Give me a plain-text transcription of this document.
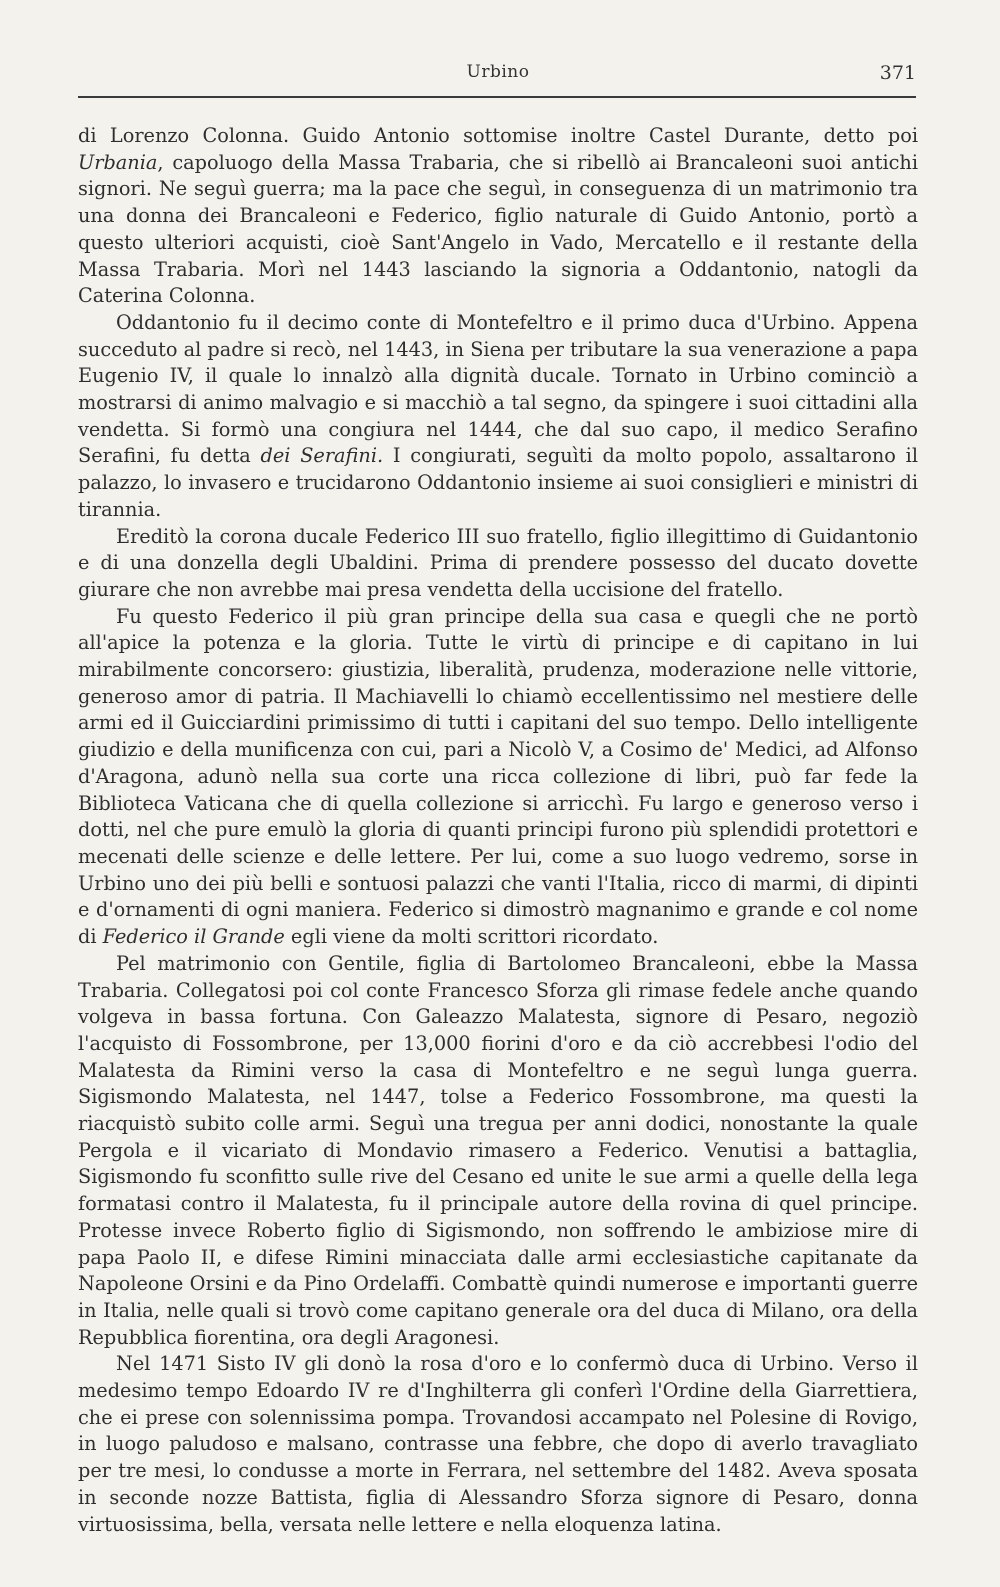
Urbino	371

di Lorenzo Colonna. Guido Antonio sottomise inoltre Castel Durante, detto poi Urbania, capoluogo della Massa Trabaria, che si ribellò ai Brancaleoni suoi antichi signori. Ne seguì guerra; ma la pace che seguì, in conseguenza di un matrimonio tra una donna dei Brancaleoni e Federico, figlio naturale di Guido Antonio, portò a questo ulteriori acquisti, cioè Sant'Angelo in Vado, Mercatello e il restante della Massa Trabaria. Morì nel 1443 lasciando la signoria a Oddantonio, natogli da Caterina Colonna.

Oddantonio fu il decimo conte di Montefeltro e il primo duca d'Urbino. Appena succeduto al padre si recò, nel 1443, in Siena per tributare la sua venerazione a papa Eugenio IV, il quale lo innalzò alla dignità ducale. Tornato in Urbino cominciò a mostrarsi di animo malvagio e si macchiò a tal segno, da spingere i suoi cittadini alla vendetta. Si formò una congiura nel 1444, che dal suo capo, il medico Serafino Serafini, fu detta dei Serafini. I congiurati, seguìti da molto popolo, assaltarono il palazzo, lo invasero e trucidarono Oddantonio insieme ai suoi consiglieri e ministri di tirannia.

Ereditò la corona ducale Federico III suo fratello, figlio illegittimo di Guidantonio e di una donzella degli Ubaldini. Prima di prendere possesso del ducato dovette giurare che non avrebbe mai presa vendetta della uccisione del fratello.

Fu questo Federico il più gran principe della sua casa e quegli che ne portò all'apice la potenza e la gloria. Tutte le virtù di principe e di capitano in lui mirabilmente concorsero: giustizia, liberalità, prudenza, moderazione nelle vittorie, generoso amor di patria. Il Machiavelli lo chiamò eccellentissimo nel mestiere delle armi ed il Guicciardini primissimo di tutti i capitani del suo tempo. Dello intelligente giudizio e della munificenza con cui, pari a Nicolò V, a Cosimo de' Medici, ad Alfonso d'Aragona, adunò nella sua corte una ricca collezione di libri, può far fede la Biblioteca Vaticana che di quella collezione si arricchì. Fu largo e generoso verso i dotti, nel che pure emulò la gloria di quanti principi furono più splendidi protettori e mecenati delle scienze e delle lettere. Per lui, come a suo luogo vedremo, sorse in Urbino uno dei più belli e sontuosi palazzi che vanti l'Italia, ricco di marmi, di dipinti e d'ornamenti di ogni maniera. Federico si dimostrò magnanimo e grande e col nome di Federico il Grande egli viene da molti scrittori ricordato.

Pel matrimonio con Gentile, figlia di Bartolomeo Brancaleoni, ebbe la Massa Trabaria. Collegatosi poi col conte Francesco Sforza gli rimase fedele anche quando volgeva in bassa fortuna. Con Galeazzo Malatesta, signore di Pesaro, negoziò l'acquisto di Fossombrone, per 13,000 fiorini d'oro e da ciò accrebbesi l'odio del Malatesta da Rimini verso la casa di Montefeltro e ne seguì lunga guerra. Sigismondo Malatesta, nel 1447, tolse a Federico Fossombrone, ma questi la riacquistò subito colle armi. Seguì una tregua per anni dodici, nonostante la quale Pergola e il vicariato di Mondavio rimasero a Federico. Venutisi a battaglia, Sigismondo fu sconfitto sulle rive del Cesano ed unite le sue armi a quelle della lega formatasi contro il Malatesta, fu il principale autore della rovina di quel principe. Protesse invece Roberto figlio di Sigismondo, non soffrendo le ambiziose mire di papa Paolo II, e difese Rimini minacciata dalle armi ecclesiastiche capitanate da Napoleone Orsini e da Pino Ordelaffi. Combattè quindi numerose e importanti guerre in Italia, nelle quali si trovò come capitano generale ora del duca di Milano, ora della Repubblica fiorentina, ora degli Aragonesi.

Nel 1471 Sisto IV gli donò la rosa d'oro e lo confermò duca di Urbino. Verso il medesimo tempo Edoardo IV re d'Inghilterra gli conferì l'Ordine della Giarrettiera, che ei prese con solennissima pompa. Trovandosi accampato nel Polesine di Rovigo, in luogo paludoso e malsano, contrasse una febbre, che dopo di averlo travagliato per tre mesi, lo condusse a morte in Ferrara, nel settembre del 1482. Aveva sposata in seconde nozze Battista, figlia di Alessandro Sforza signore di Pesaro, donna virtuosissima, bella, versata nelle lettere e nella eloquenza latina.
